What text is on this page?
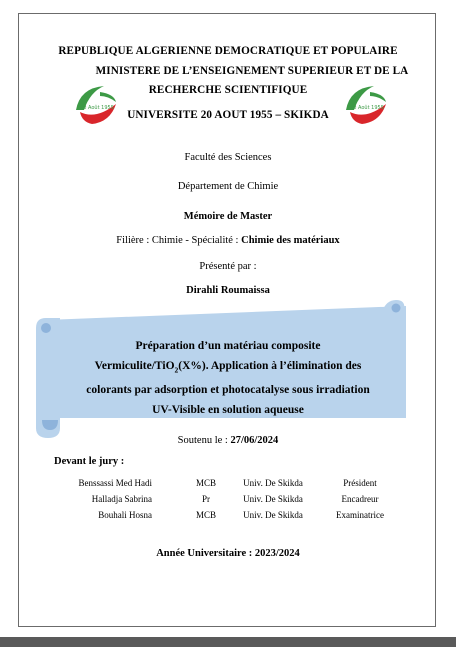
REPUBLIQUE ALGERIENNE DEMOCRATIQUE ET POPULAIRE
MINISTERE DE L’ENSEIGNEMENT SUPERIEUR ET DE LA
RECHERCHE SCIENTIFIQUE
UNIVERSITE 20 AOUT 1955 – SKIKDA
20 Août 1955	20 Août 1955
Faculté des Sciences
Département de Chimie
Mémoire de Master
Filière : Chimie - Spécialité : Chimie des matériaux
Présenté par :
Dirahli Roumaissa
Préparation d’un matériau composite
Vermiculite/TiO$_2$(X%). Application à l’élimination des
colorants par adsorption et photocatalyse sous irradiation
UV-Visible en solution aqueuse
Soutenu le : 27/06/2024
Devant le jury :
Benssassi Med Hadi	MCB	Univ. De Skikda	Président
Halladja Sabrina	Pr	Univ. De Skikda	Encadreur
Bouhali Hosna	MCB	Univ. De Skikda	Examinatrice
Année Universitaire : 2023/2024
